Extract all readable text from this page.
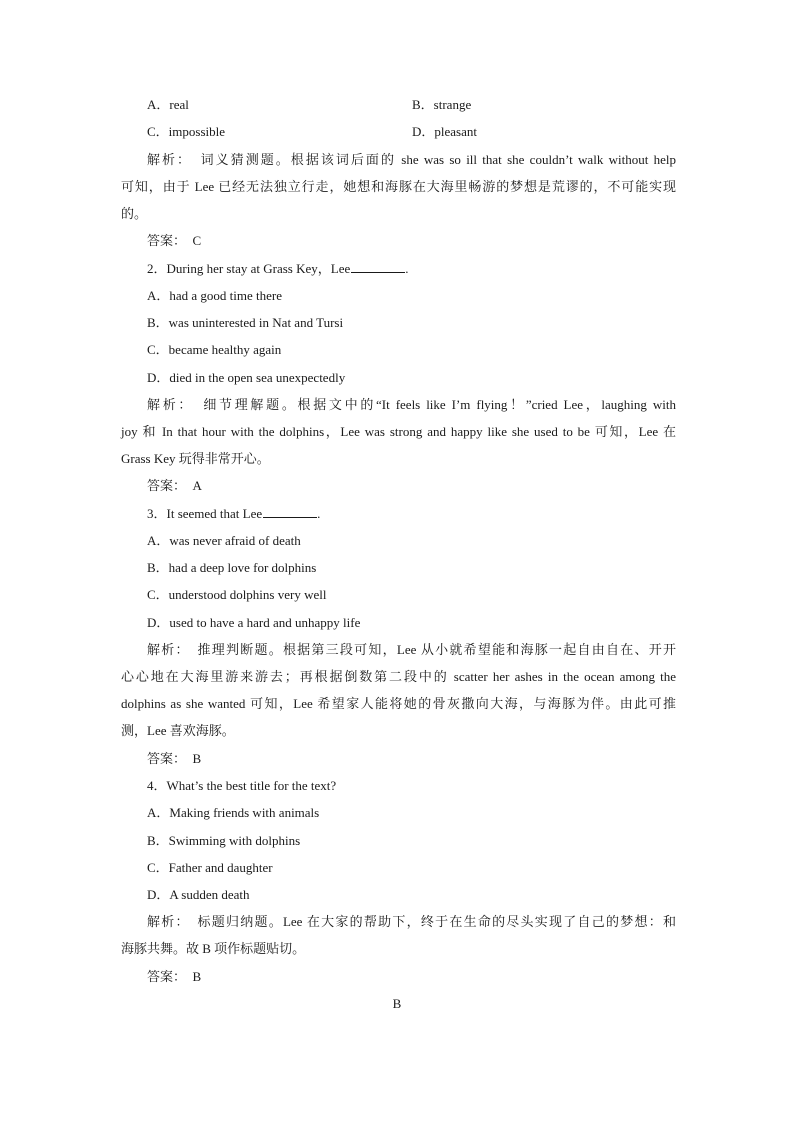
A．real	B．strange
C．impossible	D．pleasant
解析：　 词义猜测题。根据该词后面的 she was so ill that she couldn’t walk without help
可知，由于 Lee 已经无法独立行走，她想和海豚在大海里畅游的梦想是荒谬的，不可能实现
的。
答案：　 C
2．During her stay at Grass Key，Lee	.
A．had a good time there
B．was uninterested in Nat and Tursi
C．became healthy again
D．died in the open sea unexpectedly
解析：　 细节理解题。根据文中的“It feels like I’m flying！”cried Lee，laughing with
joy 和 In that hour with the dolphins，Lee was strong and happy like she used to be 可知，Lee 在
Grass Key 玩得非常开心。
答案：　 A
3．It seemed that Lee	.
A．was never afraid of death
B．had a deep love for dolphins
C．understood dolphins very well
D．used to have a hard and unhappy life
解析：　 推理判断题。根据第三段可知，Lee 从小就希望能和海豚一起自由自在、开开
心心地在大海里游来游去；再根据倒数第二段中的 scatter her ashes in the ocean among the
dolphins as she wanted 可知，Lee 希望家人能将她的骨灰撒向大海，与海豚为伴。由此可推
测，Lee 喜欢海豚。
答案：　 B
4．What’s the best title for the text?
A．Making friends with animals
B．Swimming with dolphins
C．Father and daughter
D．A sudden death
解析：　 标题归纳题。Lee 在大家的帮助下，终于在生命的尽头实现了自己的梦想：和
海豚共舞。故 B 项作标题贴切。
答案：　 B
B
